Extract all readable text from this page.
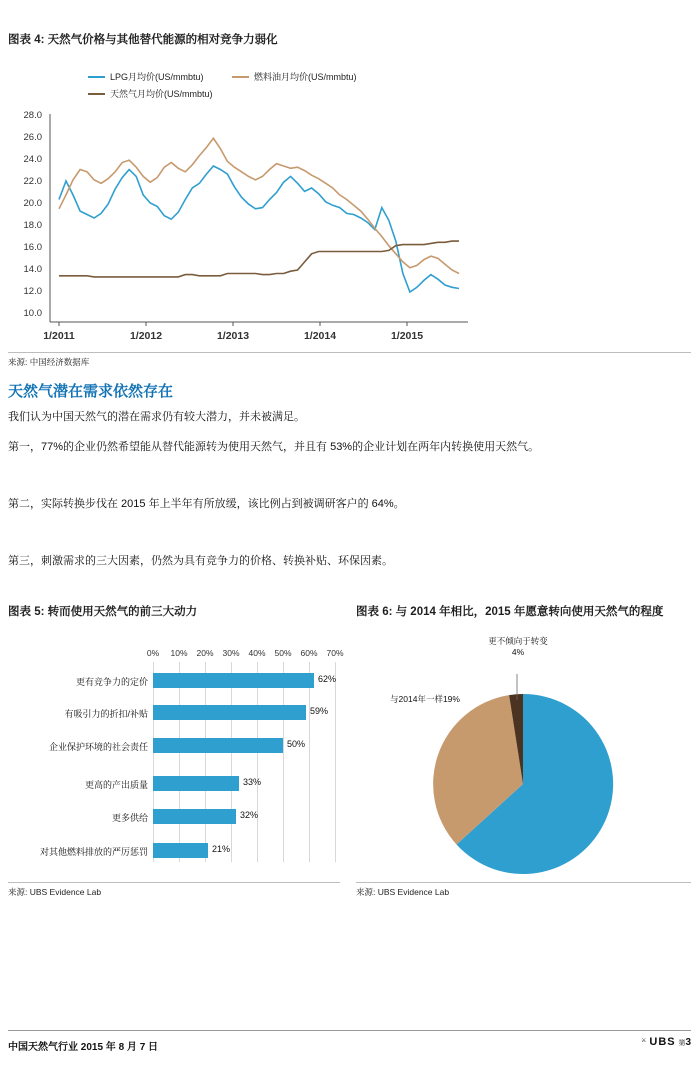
图表 4: 天然气价格与其他替代能源的相对竞争力弱化
LPG月均价(US/mmbtu)	燃料油月均价(US/mmbtu)
天然气月均价(US/mmbtu)
10.0
12.0
14.0
16.0
18.0
20.0
22.0
24.0
26.0
28.0
1/2011	1/2012	1/2013	1/2014	1/2015
来源: 中国经济数据库
天然气潜在需求依然存在
我们认为中国天然气的潜在需求仍有较大潜力，并未被满足。
第一，77%的企业仍然希望能从替代能源转为使用天然气，并且有 53%的企业计划在两年内转换使用天然气。
第二，实际转换步伐在 2015 年上半年有所放缓，该比例占到被调研客户的 64%。
第三，刺激需求的三大因素，仍然为具有竞争力的价格、转换补贴、环保因素。
图表 5: 转而使用天然气的前三大动力
0%	10%	20%	30%	40%	50%	60%	70%
更有竞争力的定价	62%
有吸引力的折扣/补贴	59%
企业保护环境的社会责任	50%
更高的产出质量	33%
更多供给	32%
对其他燃料排放的严厉惩罚	21%
来源: UBS Evidence Lab
图表 6: 与 2014 年相比，2015 年愿意转向使用天然气的程度
更不倾向于转变
4%
与2014年一样19%
更倾向于转变
77%
来源: UBS Evidence Lab
中国天然气行业 2015 年 8 月 7 日
⚔ UBS 第3
